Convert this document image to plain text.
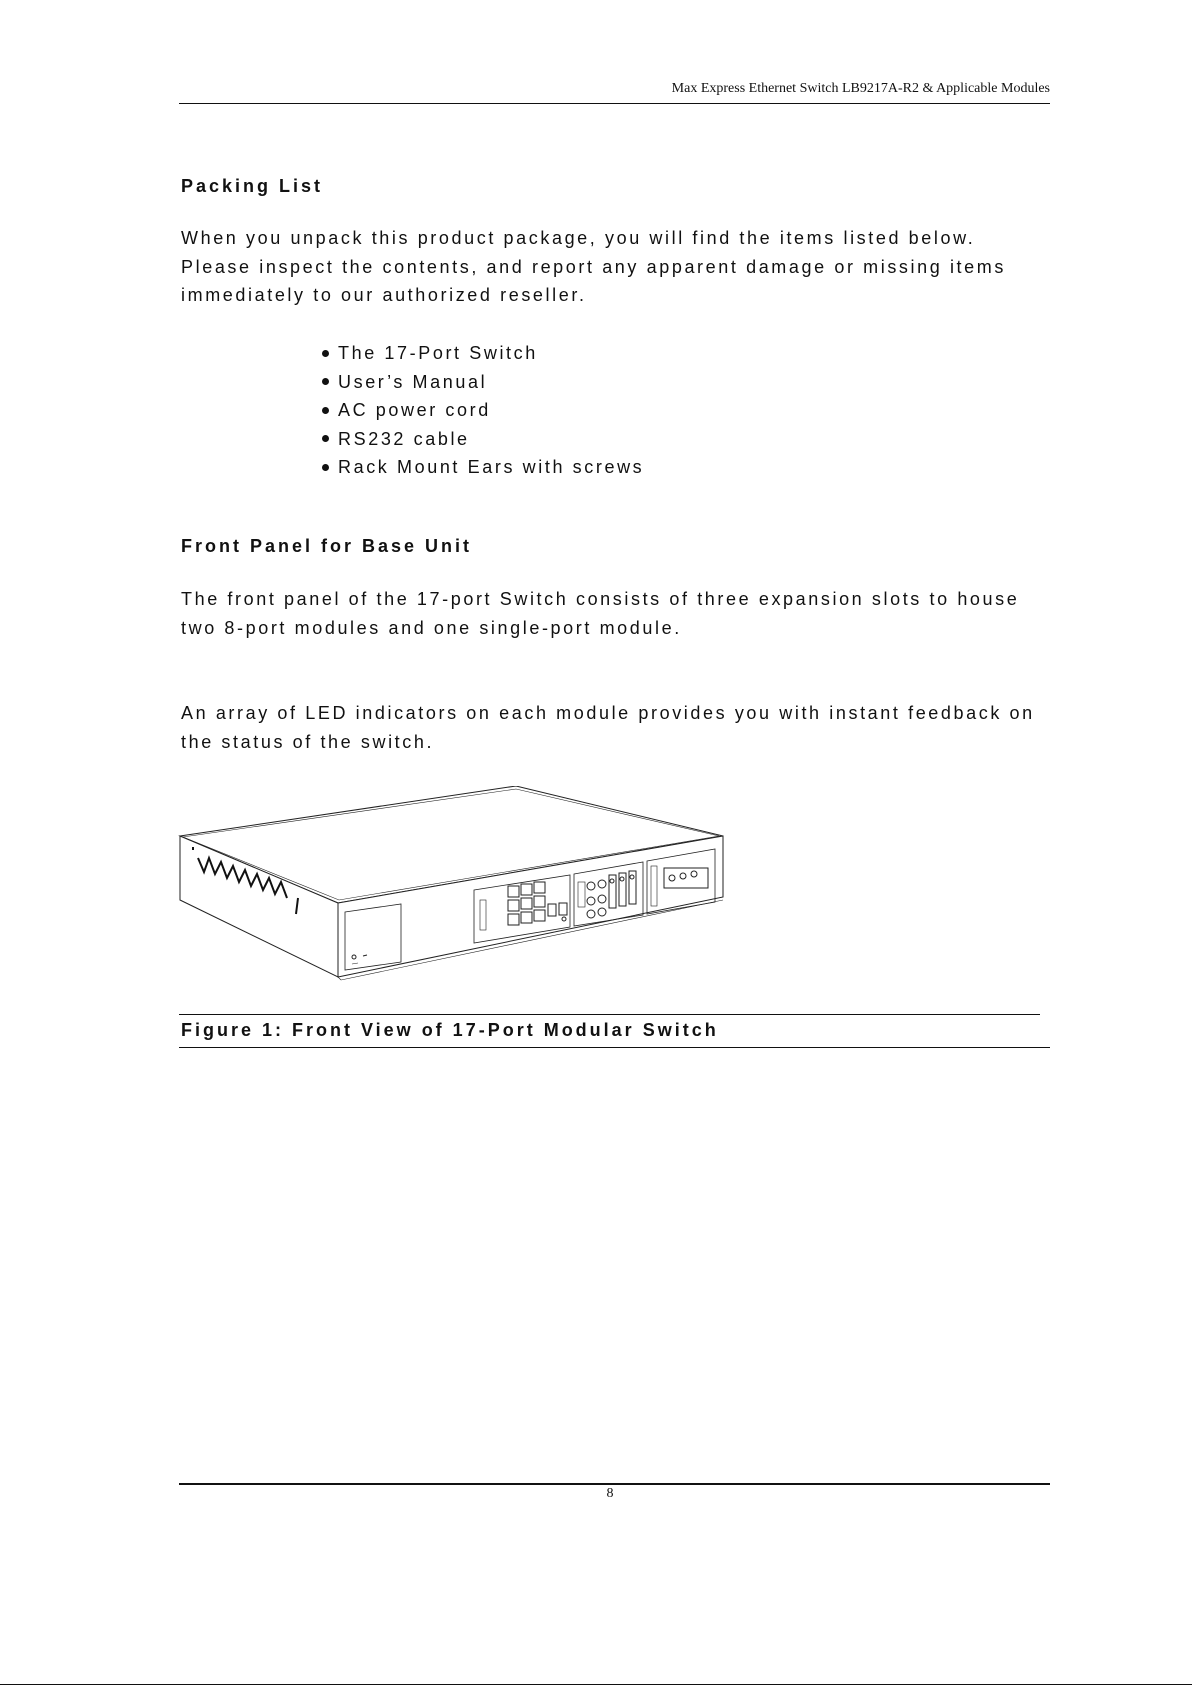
Max Express Ethernet Switch LB9217A-R2 & Applicable Modules
Packing List

When you unpack this product package, you will find the items listed below.

Please inspect the contents, and report any apparent damage or missing items

immediately to our authorized reseller.

The 17-Port Switch
User’s Manual
AC power cord
RS232 cable
Rack Mount Ears with screws
Front Panel for Base Unit

The front panel of the 17-port Switch consists of three expansion slots to house

two 8-port modules and one single-port module.

An array of LED indicators on each module provides you with instant feedback on

the status of the switch.

Figure 1: Front View of 17-Port Modular Switch

8
